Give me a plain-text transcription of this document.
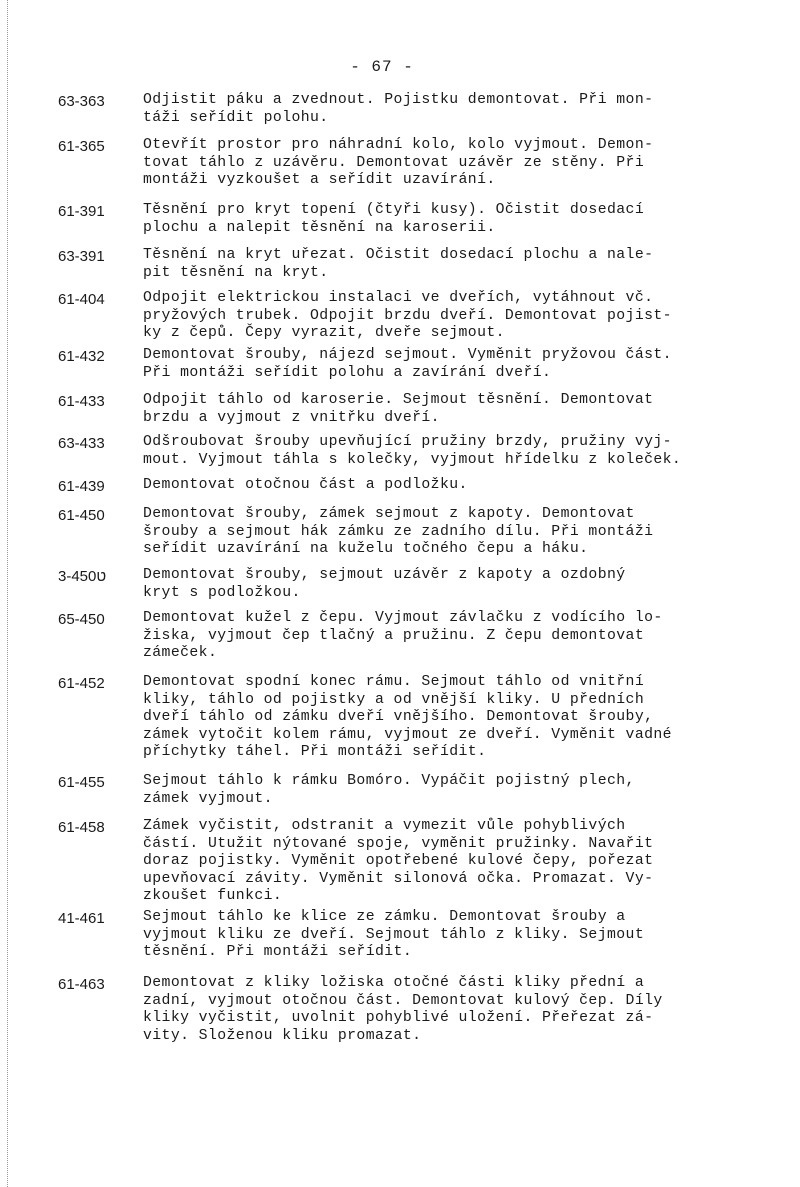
- 67 -
63-363	Odjistit páku a zvednout. Pojistku demontovat. Při mon-
táži seřídit polohu.
61-365	Otevřít prostor pro náhradní kolo, kolo vyjmout. Demon-
tovat táhlo z uzávěru. Demontovat uzávěr ze stěny. Při
montáži vyzkoušet a seřídit uzavírání.
61-391	Těsnění pro kryt topení (čtyři kusy). Očistit dosedací
plochu a nalepit těsnění na karoserii.
63-391	Těsnění na kryt uřezat. Očistit dosedací plochu a nale-
pit těsnění na kryt.
61-404	Odpojit elektrickou instalaci ve dveřích, vytáhnout vč.
pryžových trubek. Odpojit brzdu dveří. Demontovat pojist-
ky z čepů. Čepy vyrazit, dveře sejmout.
61-432	Demontovat šrouby, nájezd sejmout. Vyměnit pryžovou část.
Při montáži seřídit polohu a zavírání dveří.
61-433	Odpojit táhlo od karoserie. Sejmout těsnění. Demontovat
brzdu a vyjmout z vnitřku dveří.
63-433	Odšroubovat šrouby upevňující pružiny brzdy, pružiny vyj-
mout. Vyjmout táhla s kolečky, vyjmout hřídelku z koleček.
61-439	Demontovat otočnou část a podložku.
61-450	Demontovat šrouby, zámek sejmout z kapoty. Demontovat
šrouby a sejmout hák zámku ze zadního dílu. Při montáži
seřídit uzavírání na kuželu točného čepu a háku.
ט3-450	Demontovat šrouby, sejmout uzávěr z kapoty a ozdobný
kryt s podložkou.
65-450	Demontovat kužel z čepu. Vyjmout závlačku z vodícího lo-
žiska, vyjmout čep tlačný a pružinu. Z čepu demontovat
zámeček.
61-452	Demontovat spodní konec rámu. Sejmout táhlo od vnitřní
kliky, táhlo od pojistky a od vnější kliky. U předních
dveří táhlo od zámku dveří vnějšího. Demontovat šrouby,
zámek vytočit kolem rámu, vyjmout ze dveří. Vyměnit vadné
příchytky táhel. Při montáži seřídit.
61-455	Sejmout táhlo k rámku Bomóro. Vypáčit pojistný plech,
zámek vyjmout.
61-458	Zámek vyčistit, odstranit a vymezit vůle pohyblivých
částí. Utužit nýtované spoje, vyměnit pružinky. Navařit
doraz pojistky. Vyměnit opotřebené kulové čepy, pořezat
upevňovací závity. Vyměnit silonová očka. Promazat. Vy-
zkoušet funkci.
41-461	Sejmout táhlo ke klice ze zámku. Demontovat šrouby a
vyjmout kliku ze dveří. Sejmout táhlo z kliky. Sejmout
těsnění. Při montáži seřídit.
61-463	Demontovat z kliky ložiska otočné části kliky přední a
zadní, vyjmout otočnou část. Demontovat kulový čep. Díly
kliky vyčistit, uvolnit pohyblivé uložení. Přeřezat zá-
vity. Složenou kliku promazat.
